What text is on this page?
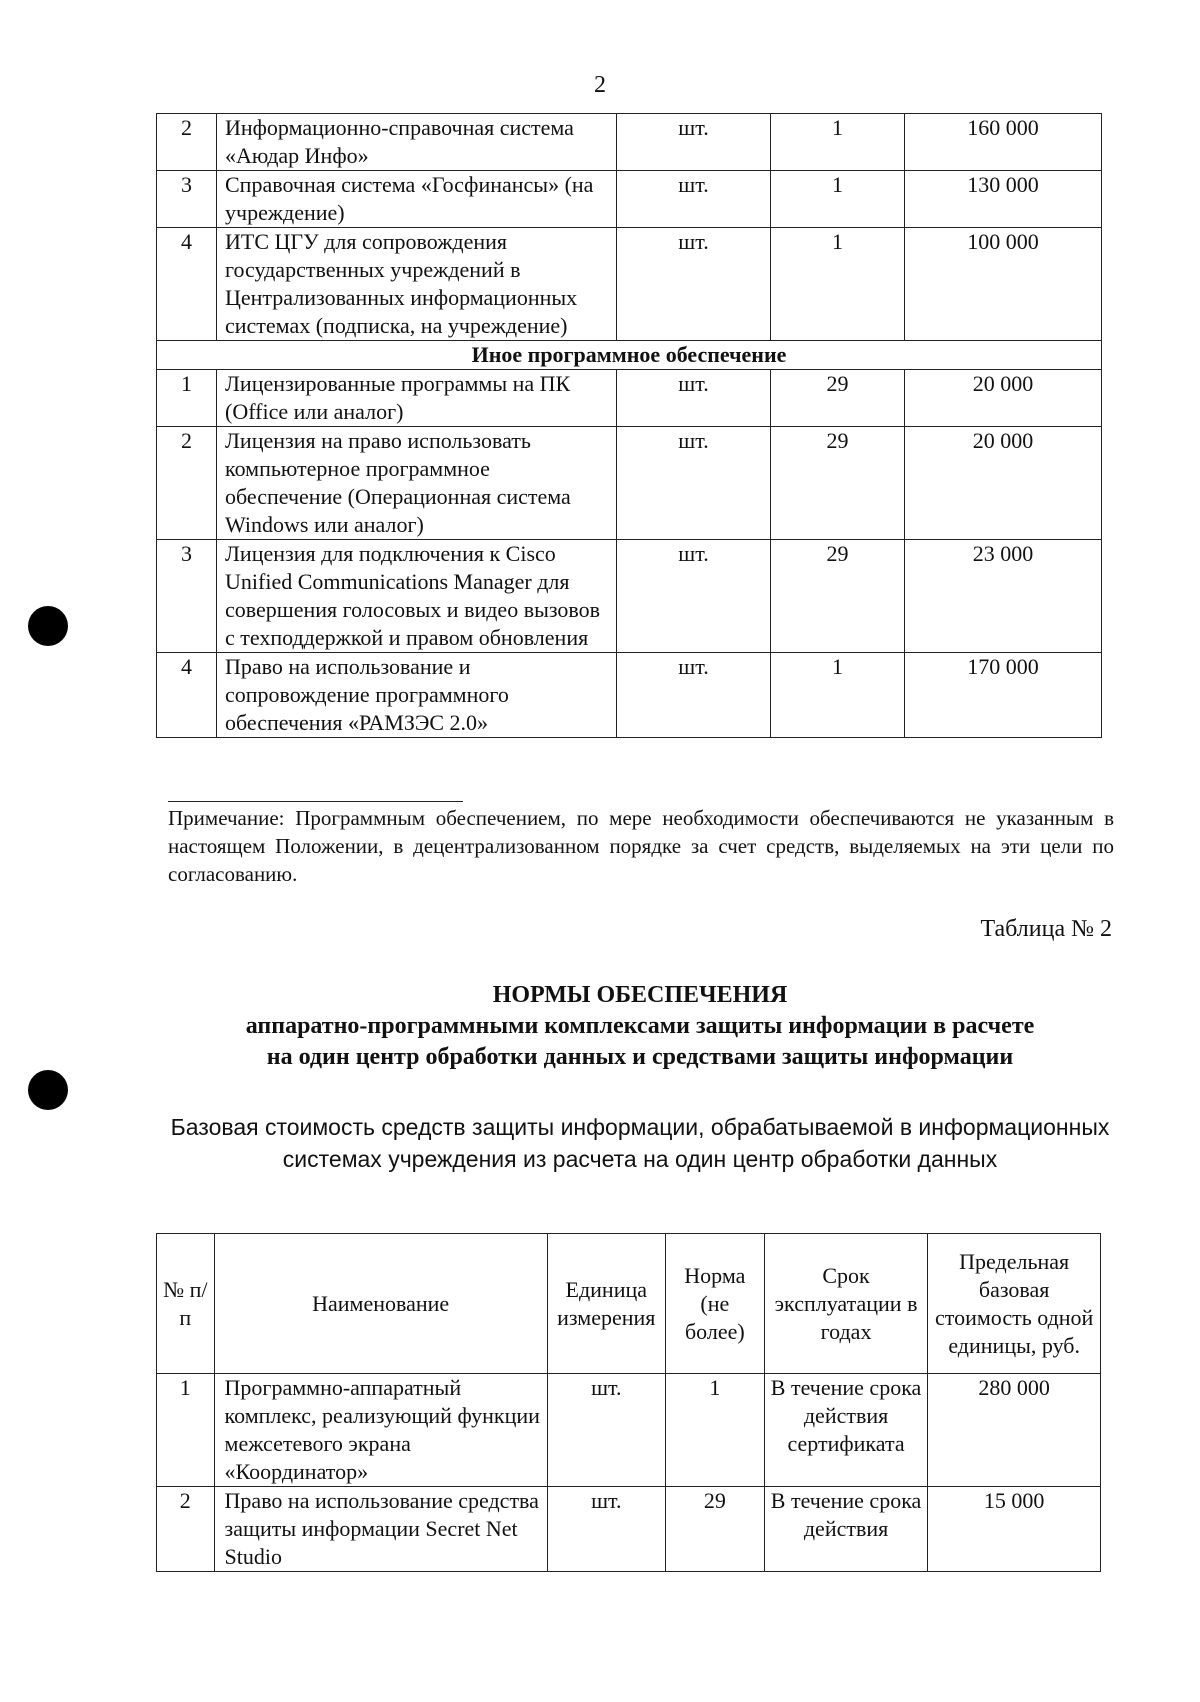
2
2	Информационно-справочная система «Аюдар Инфо»	шт.	1	160 000
3	Справочная система «Госфинансы» (на учреждение)	шт.	1	130 000
4	ИТС ЦГУ для сопровождения государственных учреждений в Централизованных информационных системах (подписка, на учреждение)	шт.	1	100 000
Иное программное обеспечение				
1	Лицензированные программы на ПК (Office или аналог)	шт.	29	20 000
2	Лицензия на право использовать компьютерное программное обеспечение (Операционная система Windows или аналог)	шт.	29	20 000
3	Лицензия для подключения к Cisco Unified Communications Manager для совершения голосовых и видео вызовов с техподдержкой и правом обновления	шт.	29	23 000
4	Право на использование и сопровождение программного обеспечения «РАМЗЭС 2.0»	шт.	1	170 000
Примечание: Программным обеспечением, по мере необходимости обеспечиваются не указанным в настоящем Положении, в децентрализованном порядке за счет средств, выделяемых на эти цели по согласованию.
Таблица № 2
НОРМЫ ОБЕСПЕЧЕНИЯ
аппаратно-программными комплексами защиты информации в расчете
на один центр обработки данных и средствами защиты информации
Базовая стоимость средств защиты информации, обрабатываемой в информационных системах учреждения из расчета на один центр обработки данных
№ п/п	Наименование	Единица измерения	Норма (не более)	Срок эксплуатации в годах	Предельная базовая стоимость одной единицы, руб.
1	Программно-аппаратный комплекс, реализующий функции межсетевого экрана «Координатор»	шт.	1	В течение срока действия сертификата	280 000
2	Право на использование средства защиты информации Secret Net Studio	шт.	29	В течение срока действия	15 000
